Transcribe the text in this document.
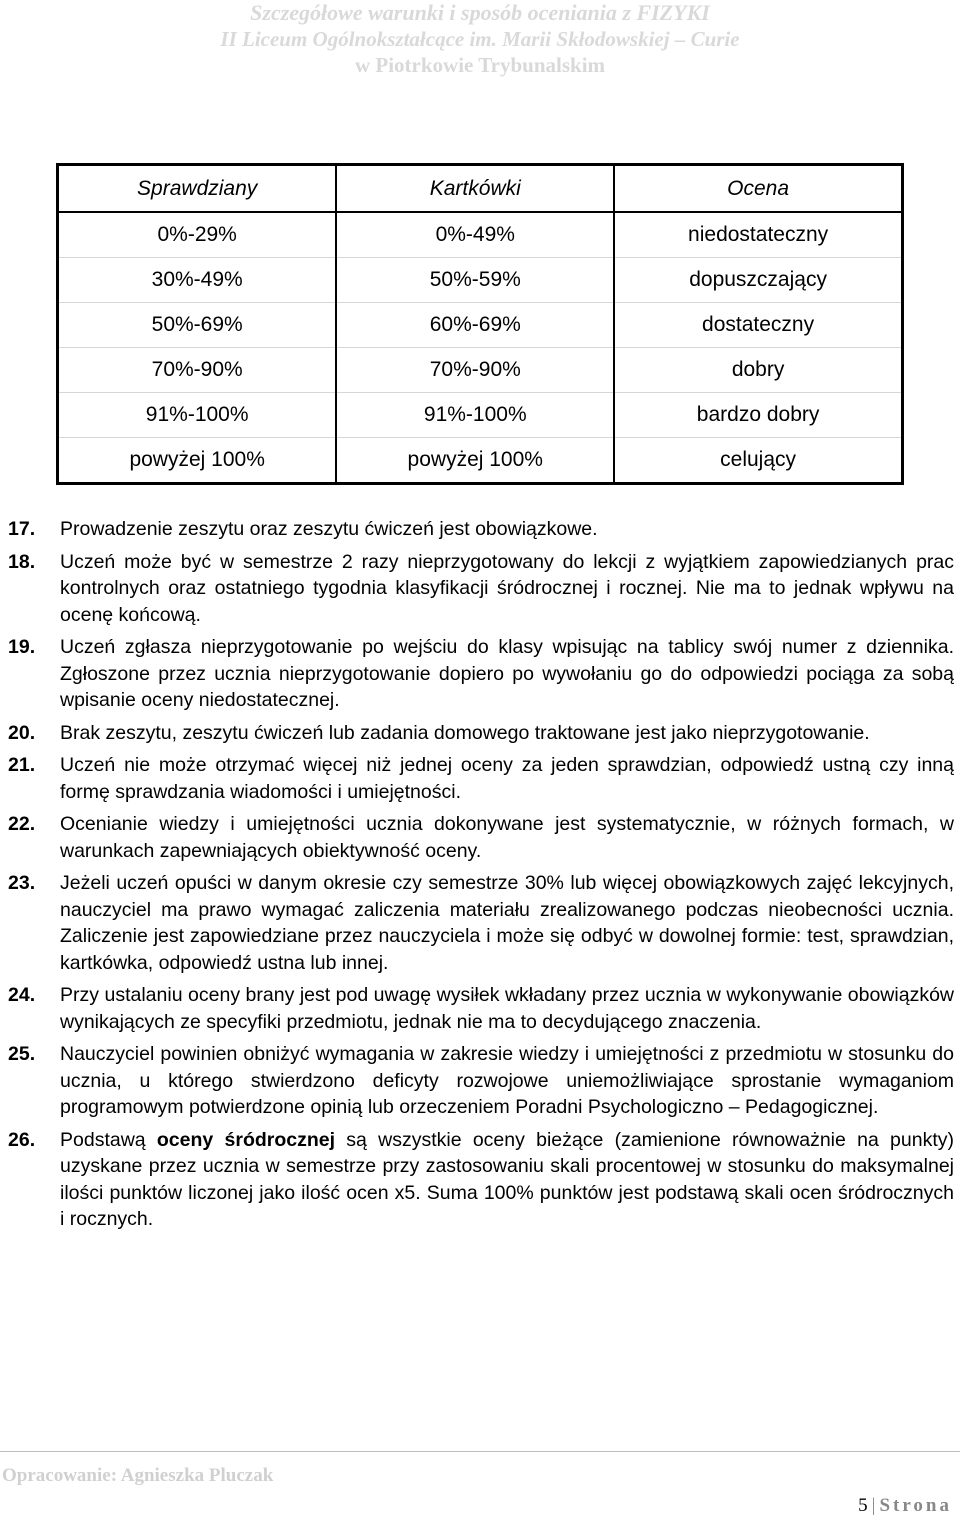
Szczegółowe warunki i sposób oceniania z FIZYKI
II Liceum Ogólnokształcące im. Marii Skłodowskiej – Curie
w Piotrkowie Trybunalskim
Sprawdziany	Kartkówki	Ocena
0%-29%	0%-49%	niedostateczny
30%-49%	50%-59%	dopuszczający
50%-69%	60%-69%	dostateczny
70%-90%	70%-90%	dobry
91%-100%	91%-100%	bardzo dobry
powyżej 100%	powyżej 100%	celujący
17. Prowadzenie zeszytu oraz zeszytu ćwiczeń jest obowiązkowe.
18. Uczeń może być w semestrze 2 razy nieprzygotowany do lekcji z wyjątkiem zapowiedzianych prac kontrolnych oraz ostatniego tygodnia klasyfikacji śródrocznej i rocznej. Nie ma to jednak wpływu na ocenę końcową.
19. Uczeń zgłasza nieprzygotowanie po wejściu do klasy wpisując na tablicy swój numer z dziennika. Zgłoszone przez ucznia nieprzygotowanie dopiero po wywołaniu go do odpowiedzi pociąga za sobą wpisanie oceny niedostatecznej.
20. Brak zeszytu, zeszytu ćwiczeń lub zadania domowego traktowane jest jako nieprzygotowanie.
21. Uczeń nie może otrzymać więcej niż jednej oceny za jeden sprawdzian, odpowiedź ustną czy inną formę sprawdzania wiadomości i umiejętności.
22. Ocenianie wiedzy i umiejętności ucznia dokonywane jest systematycznie, w różnych formach, w warunkach zapewniających obiektywność oceny.
23. Jeżeli uczeń opuści w danym okresie czy semestrze 30% lub więcej obowiązkowych zajęć lekcyjnych, nauczyciel ma prawo wymagać zaliczenia materiału zrealizowanego podczas nieobecności ucznia. Zaliczenie jest zapowiedziane przez nauczyciela i może się odbyć w dowolnej formie: test, sprawdzian, kartkówka, odpowiedź ustna lub innej.
24. Przy ustalaniu oceny brany jest pod uwagę wysiłek wkładany przez ucznia w wykonywanie obowiązków wynikających ze specyfiki przedmiotu, jednak nie ma to decydującego znaczenia.
25. Nauczyciel powinien obniżyć wymagania w zakresie wiedzy i umiejętności z przedmiotu w stosunku do ucznia, u którego stwierdzono deficyty rozwojowe uniemożliwiające sprostanie wymaganiom programowym potwierdzone opinią lub orzeczeniem Poradni Psychologiczno – Pedagogicznej.
26. Podstawą oceny śródrocznej są wszystkie oceny bieżące (zamienione równoważnie na punkty) uzyskane przez ucznia w semestrze przy zastosowaniu skali procentowej w stosunku do maksymalnej ilości punktów liczonej jako ilość ocen x5. Suma 100% punktów jest podstawą skali ocen śródrocznych i rocznych.
Opracowanie: Agnieszka Pluczak
5 | Strona
